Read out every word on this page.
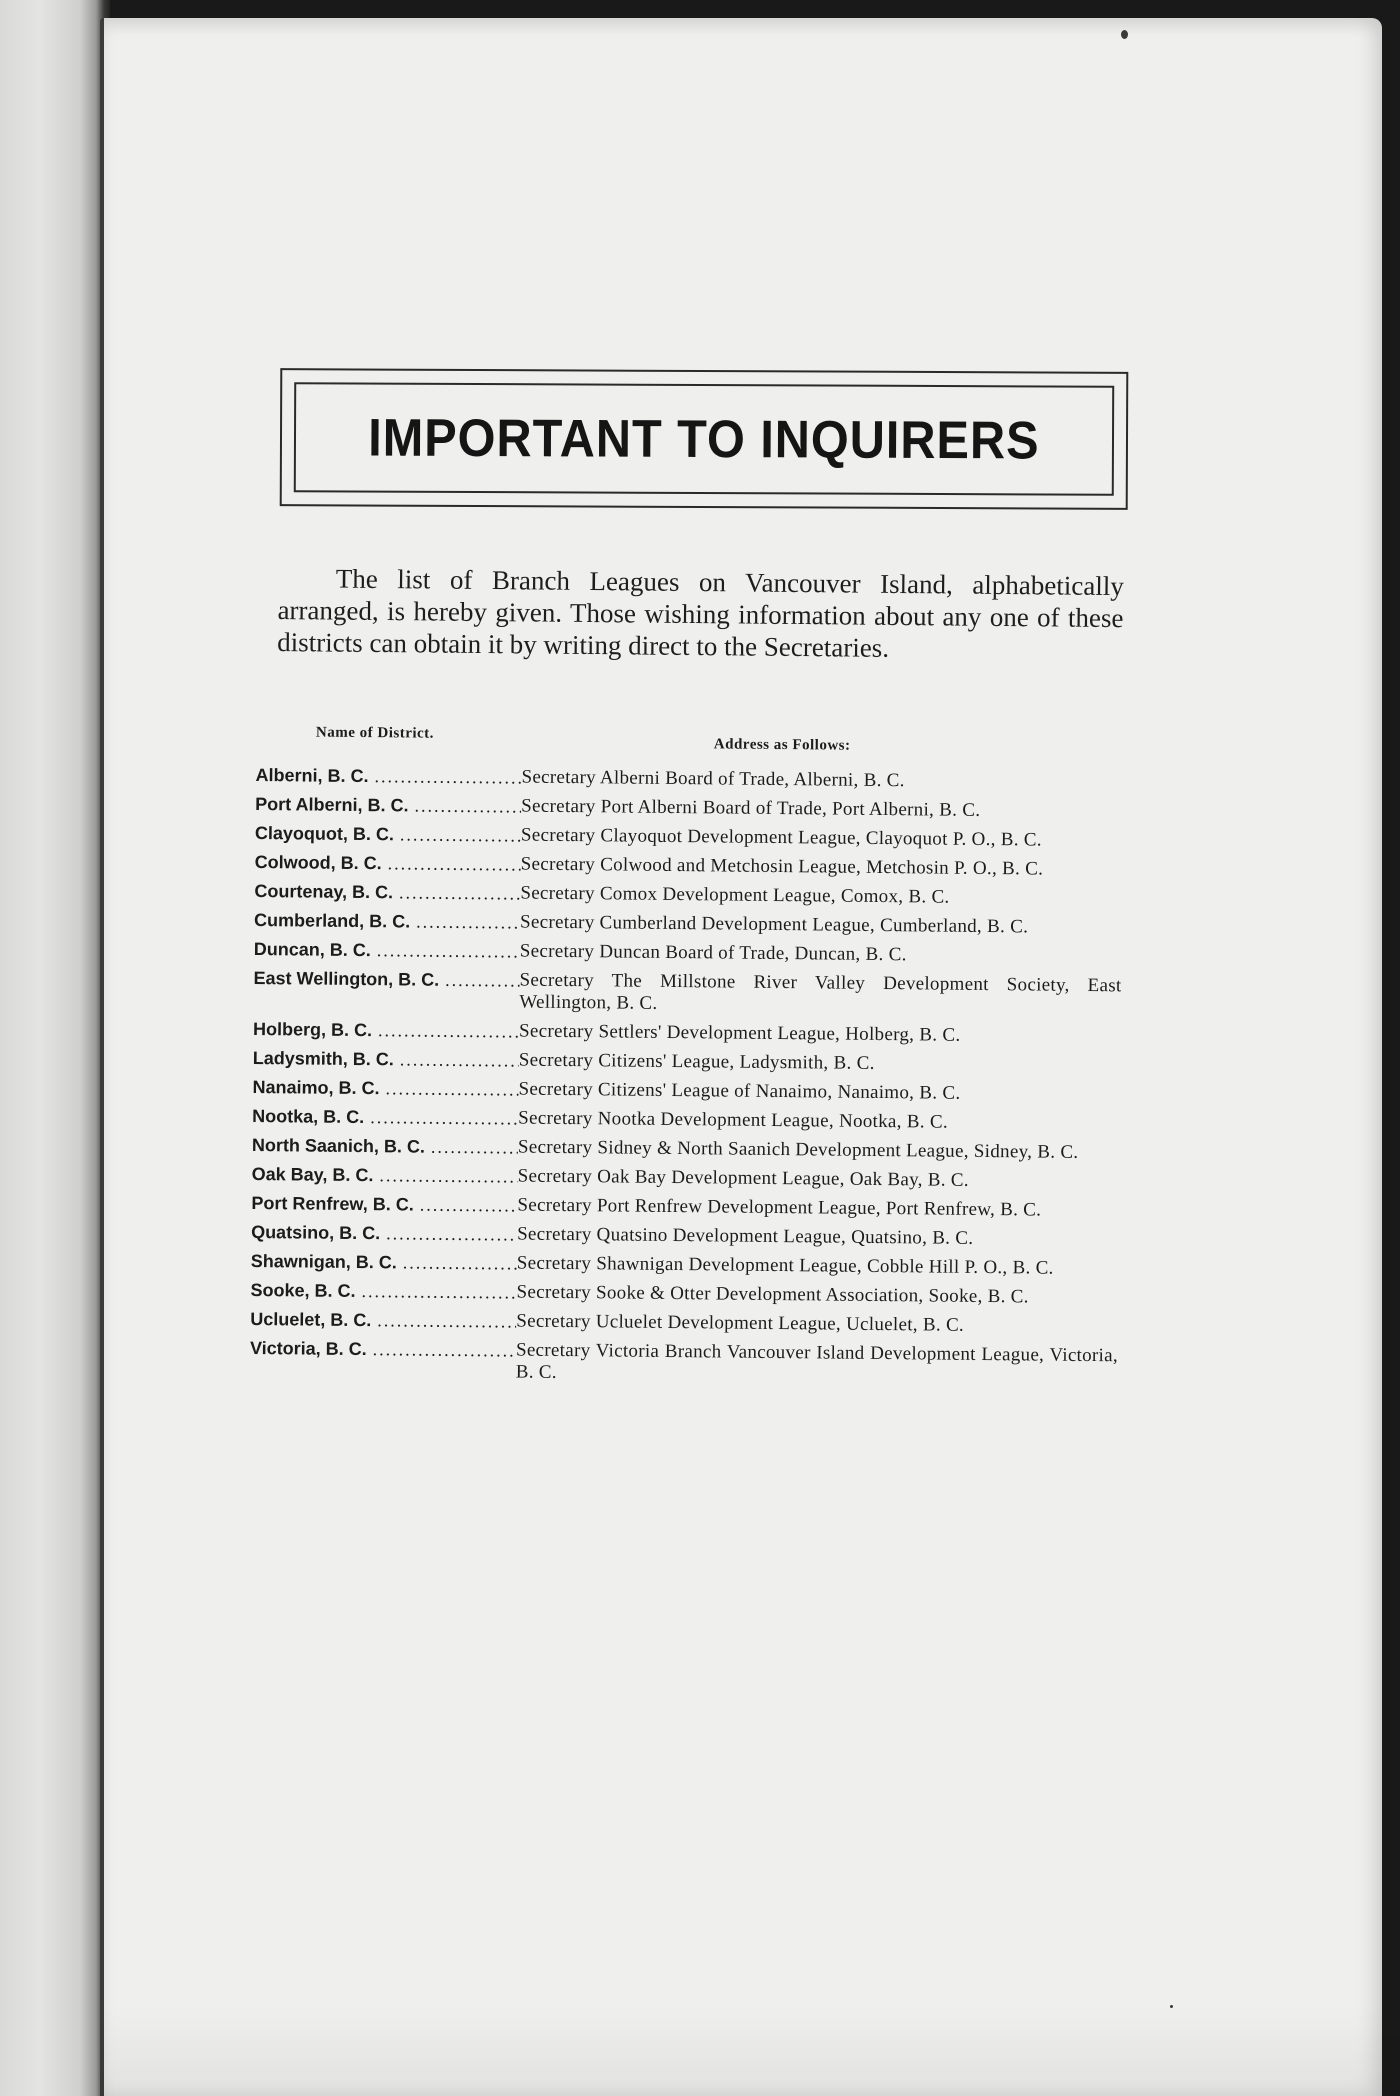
IMPORTANT TO INQUIRERS

The list of Branch Leagues on Vancouver Island, alphabetically arranged, is hereby given. Those wishing information about any one of these districts can obtain it by writing direct to the Secretaries.

Name of District.
Address as Follows:
Alberni, B. C. .....	Secretary Alberni Board of Trade, Alberni, B. C.
Port Alberni, B. C. .....	Secretary Port Alberni Board of Trade, Port Alberni, B. C.
Clayoquot, B. C. .....	Secretary Clayoquot Development League, Clayoquot P. O., B. C.
Colwood, B. C. .....	Secretary Colwood and Metchosin League, Metchosin P. O., B. C.
Courtenay, B. C. .....	Secretary Comox Development League, Comox, B. C.
Cumberland, B. C. .....	Secretary Cumberland Development League, Cumberland, B. C.
Duncan, B. C. .....	Secretary Duncan Board of Trade, Duncan, B. C.
East Wellington, B. C. .....	Secretary The Millstone River Valley Development Society, East Wellington, B. C.
Holberg, B. C. .....	Secretary Settlers' Development League, Holberg, B. C.
Ladysmith, B. C. .....	Secretary Citizens' League, Ladysmith, B. C.
Nanaimo, B. C. .....	Secretary Citizens' League of Nanaimo, Nanaimo, B. C.
Nootka, B. C. .....	Secretary Nootka Development League, Nootka, B. C.
North Saanich, B. C. .....	Secretary Sidney & North Saanich Development League, Sidney, B. C.
Oak Bay, B. C. .....	Secretary Oak Bay Development League, Oak Bay, B. C.
Port Renfrew, B. C. .....	Secretary Port Renfrew Development League, Port Renfrew, B. C.
Quatsino, B. C. .....	Secretary Quatsino Development League, Quatsino, B. C.
Shawnigan, B. C. .....	Secretary Shawnigan Development League, Cobble Hill P. O., B. C.
Sooke, B. C. .....	Secretary Sooke & Otter Development Association, Sooke, B. C.
Ucluelet, B. C. .....	Secretary Ucluelet Development League, Ucluelet, B. C.
Victoria, B. C. .....	Secretary Victoria Branch Vancouver Island Development League, Victoria, B. C.
